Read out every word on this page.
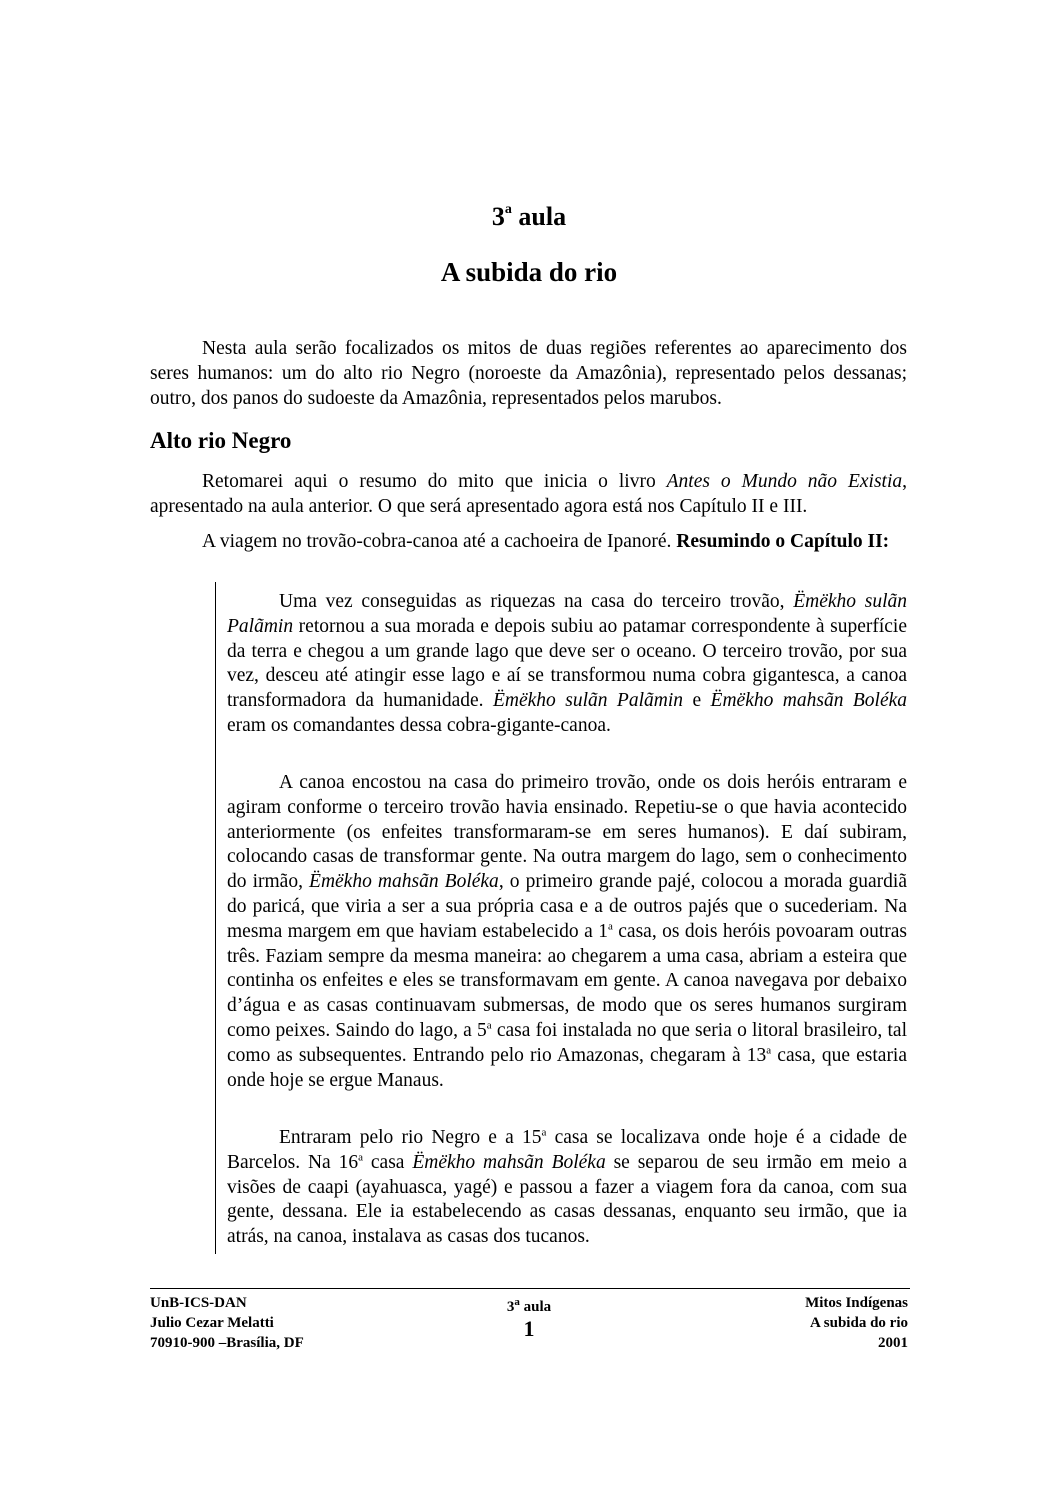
3$^a$ aula
A subida do rio

Nesta aula serão focalizados os mitos de duas regiões referentes ao aparecimento dos seres humanos: um do alto rio Negro (noroeste da Amazônia), representado pelos dessanas; outro, dos panos do sudoeste da Amazônia, representados pelos marubos.

Alto rio Negro

Retomarei aqui o resumo do mito que inicia o livro Antes o Mundo não Existia, apresentado na aula anterior. O que será apresentado agora está nos Capítulo II e III.

A viagem no trovão-cobra-canoa até a cachoeira de Ipanoré. Resumindo o Capítulo II:

Uma vez conseguidas as riquezas na casa do terceiro trovão, Ëmëkho sulãn Palãmin retornou a sua morada e depois subiu ao patamar correspondente à superfície da terra e chegou a um grande lago que deve ser o oceano. O terceiro trovão, por sua vez, desceu até atingir esse lago e aí se transformou numa cobra gigantesca, a canoa transformadora da humanidade. Ëmëkho sulãn Palãmin e Ëmëkho mahsãn Boléka eram os comandantes dessa cobra-gigante-canoa.

A canoa encostou na casa do primeiro trovão, onde os dois heróis entraram e agiram conforme o terceiro trovão havia ensinado. Repetiu-se o que havia acontecido anteriormente (os enfeites transformaram-se em seres humanos). E daí subiram, colocando casas de transformar gente. Na outra margem do lago, sem o conhecimento do irmão, Ëmëkho mahsãn Boléka, o primeiro grande pajé, colocou a morada guardiã do paricá, que viria a ser a sua própria casa e a de outros pajés que o sucederiam. Na mesma margem em que haviam estabelecido a 1$^a$ casa, os dois heróis povoaram outras três. Faziam sempre da mesma maneira: ao chegarem a uma casa, abriam a esteira que continha os enfeites e eles se transformavam em gente. A canoa navegava por debaixo d’água e as casas continuavam submersas, de modo que os seres humanos surgiram como peixes. Saindo do lago, a 5$^a$ casa foi instalada no que seria o litoral brasileiro, tal como as subsequentes. Entrando pelo rio Amazonas, chegaram à 13$^a$ casa, que estaria onde hoje se ergue Manaus.

Entraram pelo rio Negro e a 15$^a$ casa se localizava onde hoje é a cidade de Barcelos. Na 16$^a$ casa Ëmëkho mahsãn Boléka se separou de seu irmão em meio a visões de caapi (ayahuasca, yagé) e passou a fazer a viagem fora da canoa, com sua gente, dessana. Ele ia estabelecendo as casas dessanas, enquanto seu irmão, que ia atrás, na canoa, instalava as casas dos tucanos.

UnB-ICS-DAN
Julio Cezar Melatti
70910-900 –Brasília, DF
3$^a$ aula
1
Mitos Indígenas
A subida do rio
2001
